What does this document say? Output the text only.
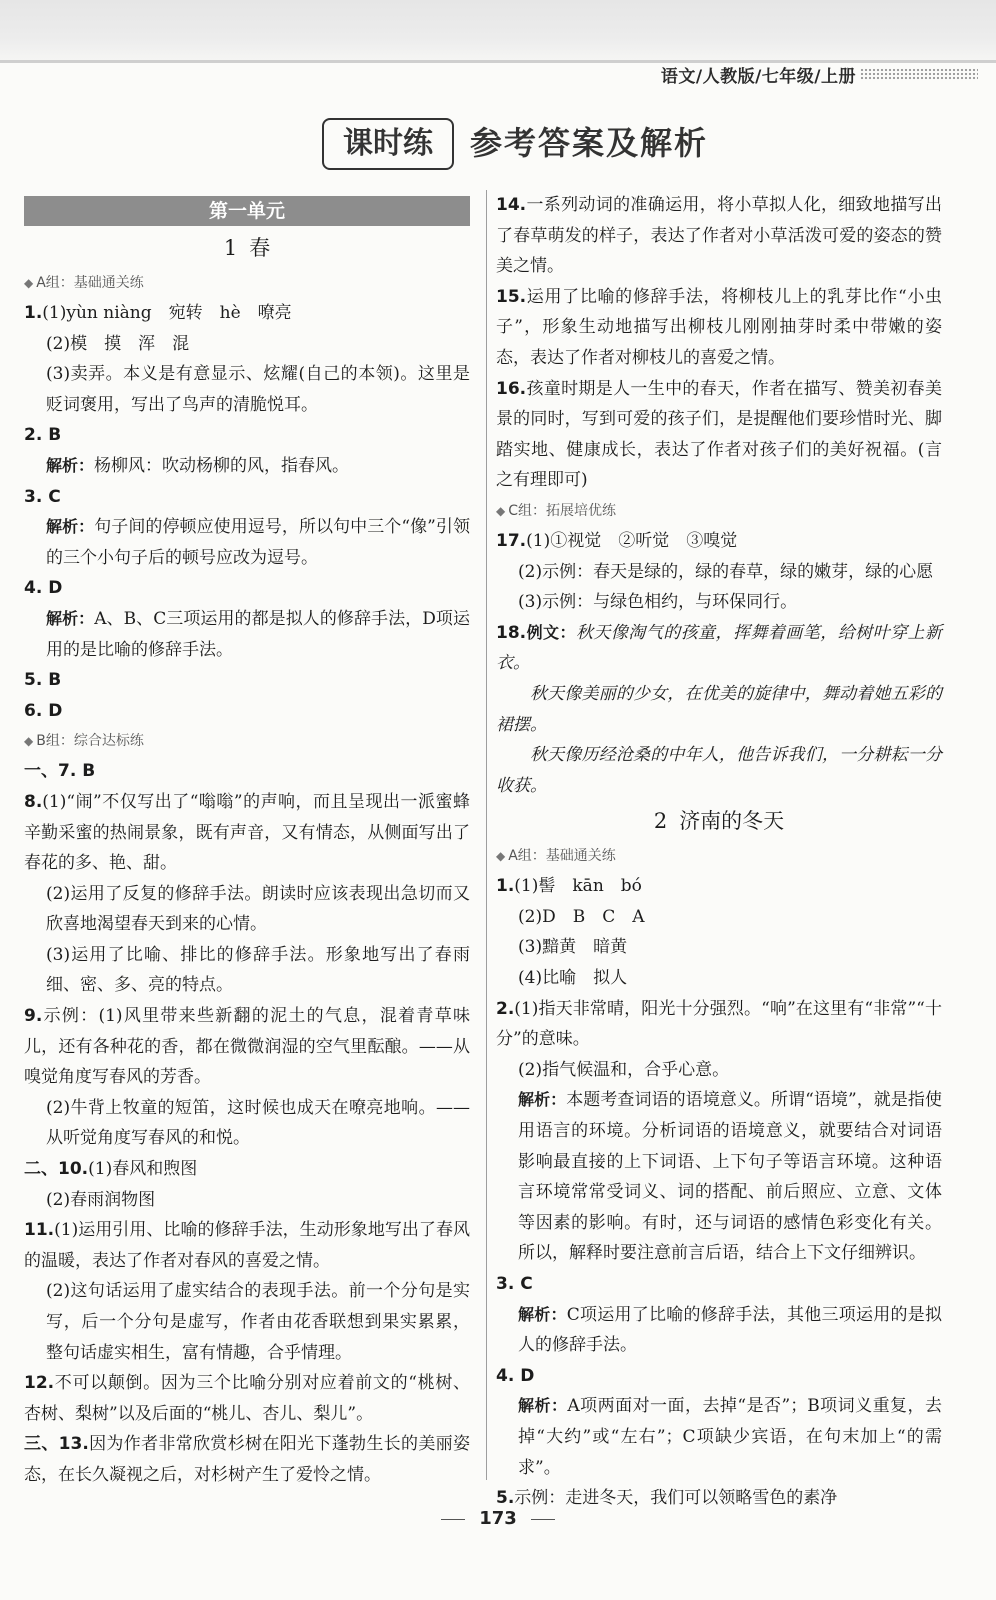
语文/人教版/七年级/上册
课时练	参考答案及解析
第一单元
1 春
◆ A组：基础通关练

1.(1)yùn niàng　宛转　hè　嘹亮

(2)模　摸　浑　混

(3)卖弄。本义是有意显示、炫耀(自己的本领)。这里是贬词褒用，写出了鸟声的清脆悦耳。

2. B

解析：杨柳风：吹动杨柳的风，指春风。

3. C

解析：句子间的停顿应使用逗号，所以句中三个“像”引领的三个小句子后的顿号应改为逗号。

4. D

解析：A、B、C三项运用的都是拟人的修辞手法，D项运用的是比喻的修辞手法。

5. B

6. D

◆ B组：综合达标练

一、7. B

8.(1)“闹”不仅写出了“嗡嗡”的声响，而且呈现出一派蜜蜂辛勤采蜜的热闹景象，既有声音，又有情态，从侧面写出了春花的多、艳、甜。

(2)运用了反复的修辞手法。朗读时应该表现出急切而又欣喜地渴望春天到来的心情。

(3)运用了比喻、排比的修辞手法。形象地写出了春雨细、密、多、亮的特点。

9.示例：(1)风里带来些新翻的泥土的气息，混着青草味儿，还有各种花的香，都在微微润湿的空气里酝酿。——从嗅觉角度写春风的芳香。

(2)牛背上牧童的短笛，这时候也成天在嘹亮地响。——从听觉角度写春风的和悦。

二、10.(1)春风和煦图

(2)春雨润物图

11.(1)运用引用、比喻的修辞手法，生动形象地写出了春风的温暖，表达了作者对春风的喜爱之情。

(2)这句话运用了虚实结合的表现手法。前一个分句是实写，后一个分句是虚写，作者由花香联想到果实累累，整句话虚实相生，富有情趣，合乎情理。

12.不可以颠倒。因为三个比喻分别对应着前文的“桃树、杏树、梨树”以及后面的“桃儿、杏儿、梨儿”。

三、13.因为作者非常欣赏杉树在阳光下蓬勃生长的美丽姿态，在长久凝视之后，对杉树产生了爱怜之情。

14.一系列动词的准确运用，将小草拟人化，细致地描写出了春草萌发的样子，表达了作者对小草活泼可爱的姿态的赞美之情。

15.运用了比喻的修辞手法，将柳枝儿上的乳芽比作“小虫子”，形象生动地描写出柳枝儿刚刚抽芽时柔中带嫩的姿态，表达了作者对柳枝儿的喜爱之情。

16.孩童时期是人一生中的春天，作者在描写、赞美初春美景的同时，写到可爱的孩子们，是提醒他们要珍惜时光、脚踏实地、健康成长，表达了作者对孩子们的美好祝福。(言之有理即可)

◆ C组：拓展培优练

17.(1)①视觉　②听觉　③嗅觉

(2)示例：春天是绿的，绿的春草，绿的嫩芽，绿的心愿

(3)示例：与绿色相约，与环保同行。

18.例文：秋天像淘气的孩童，挥舞着画笔，给树叶穿上新衣。

秋天像美丽的少女，在优美的旋律中，舞动着她五彩的裙摆。

秋天像历经沧桑的中年人，他告诉我们，一分耕耘一分收获。

2 济南的冬天
◆ A组：基础通关练

1.(1)髻　kān　bó

(2)D　B　C　A

(3)黯黄　暗黄

(4)比喻　拟人

2.(1)指天非常晴，阳光十分强烈。“响”在这里有“非常”“十分”的意味。

(2)指气候温和，合乎心意。

解析：本题考查词语的语境意义。所谓“语境”，就是指使用语言的环境。分析词语的语境意义，就要结合对词语影响最直接的上下词语、上下句子等语言环境。这种语言环境常常受词义、词的搭配、前后照应、立意、文体等因素的影响。有时，还与词语的感情色彩变化有关。所以，解释时要注意前言后语，结合上下文仔细辨识。

3. C

解析：C项运用了比喻的修辞手法，其他三项运用的是拟人的修辞手法。

4. D

解析：A项两面对一面，去掉“是否”；B项词义重复，去掉“大约”或“左右”；C项缺少宾语，在句末加上“的需求”。

5.示例：走进冬天，我们可以领略雪色的素净

173
